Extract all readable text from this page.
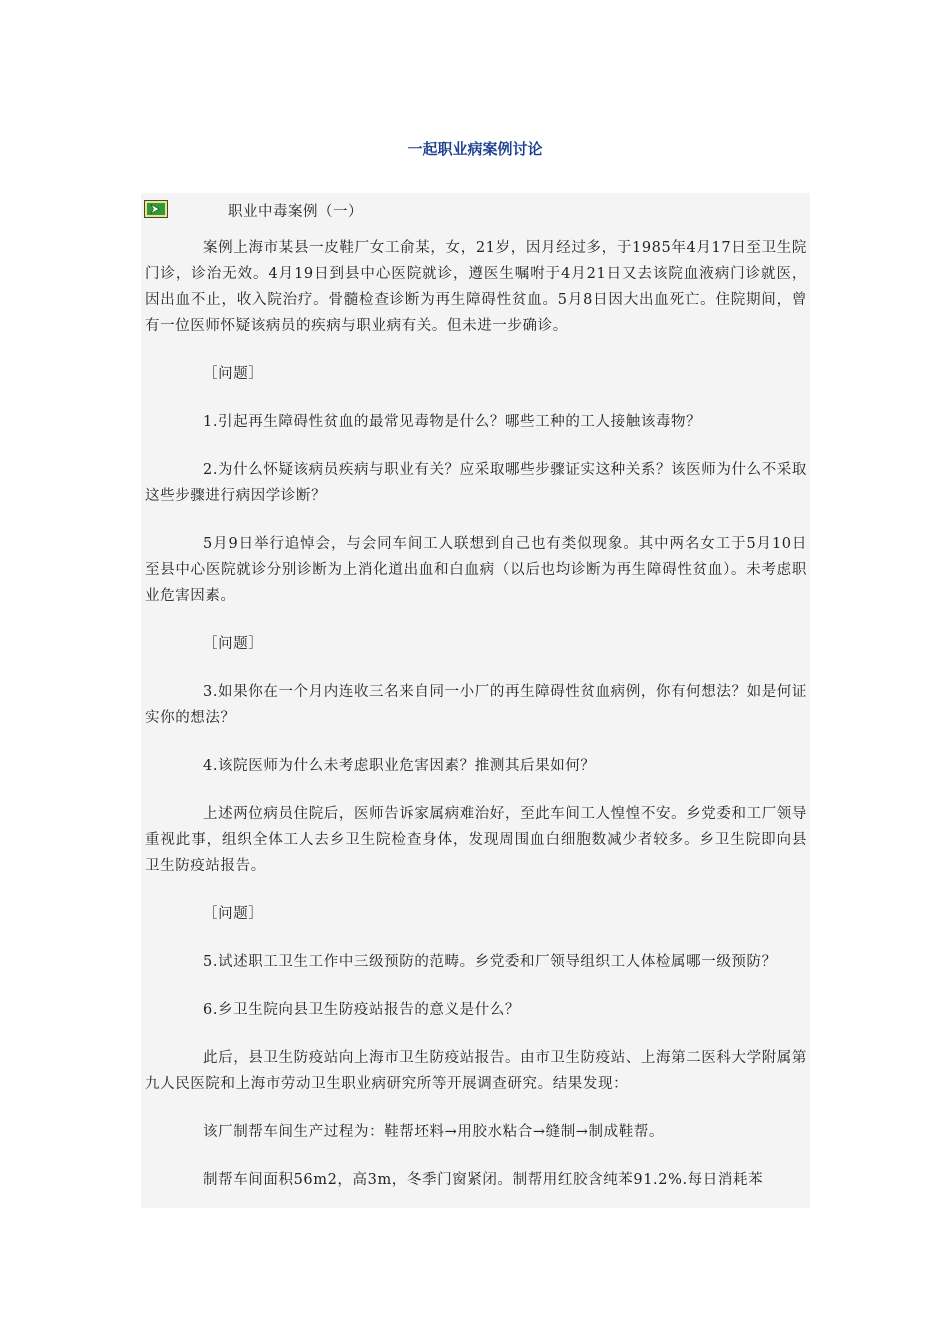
一起职业病案例讨论
职业中毒案例（一）

案例上海市某县一皮鞋厂女工俞某，女，21岁，因月经过多，于1985年4月17日至卫生院门诊，诊治无效。4月19日到县中心医院就诊，遵医生嘱咐于4月21日又去该院血液病门诊就医，因出血不止，收入院治疗。骨髓检查诊断为再生障碍性贫血。5月8日因大出血死亡。住院期间，曾有一位医师怀疑该病员的疾病与职业病有关。但未进一步确诊。

［问题］

1.引起再生障碍性贫血的最常见毒物是什么？哪些工种的工人接触该毒物？

2.为什么怀疑该病员疾病与职业有关？应采取哪些步骤证实这种关系？该医师为什么不采取这些步骤进行病因学诊断？

5月9日举行追悼会，与会同车间工人联想到自己也有类似现象。其中两名女工于5月10日至县中心医院就诊分别诊断为上消化道出血和白血病（以后也均诊断为再生障碍性贫血）。未考虑职业危害因素。

［问题］

3.如果你在一个月内连收三名来自同一小厂的再生障碍性贫血病例，你有何想法？如是何证实你的想法？

4.该院医师为什么未考虑职业危害因素？推测其后果如何？

上述两位病员住院后，医师告诉家属病难治好，至此车间工人惶惶不安。乡党委和工厂领导重视此事，组织全体工人去乡卫生院检查身体，发现周围血白细胞数减少者较多。乡卫生院即向县卫生防疫站报告。

［问题］

5.试述职工卫生工作中三级预防的范畴。乡党委和厂领导组织工人体检属哪一级预防？

6.乡卫生院向县卫生防疫站报告的意义是什么？

此后，县卫生防疫站向上海市卫生防疫站报告。由市卫生防疫站、上海第二医科大学附属第九人民医院和上海市劳动卫生职业病研究所等开展调查研究。结果发现：

该厂制帮车间生产过程为：鞋帮坯料→用胶水粘合→缝制→制成鞋帮。

制帮车间面积56m2，高3m，冬季门窗紧闭。制帮用红胶含纯苯91.2%.每日消耗苯
